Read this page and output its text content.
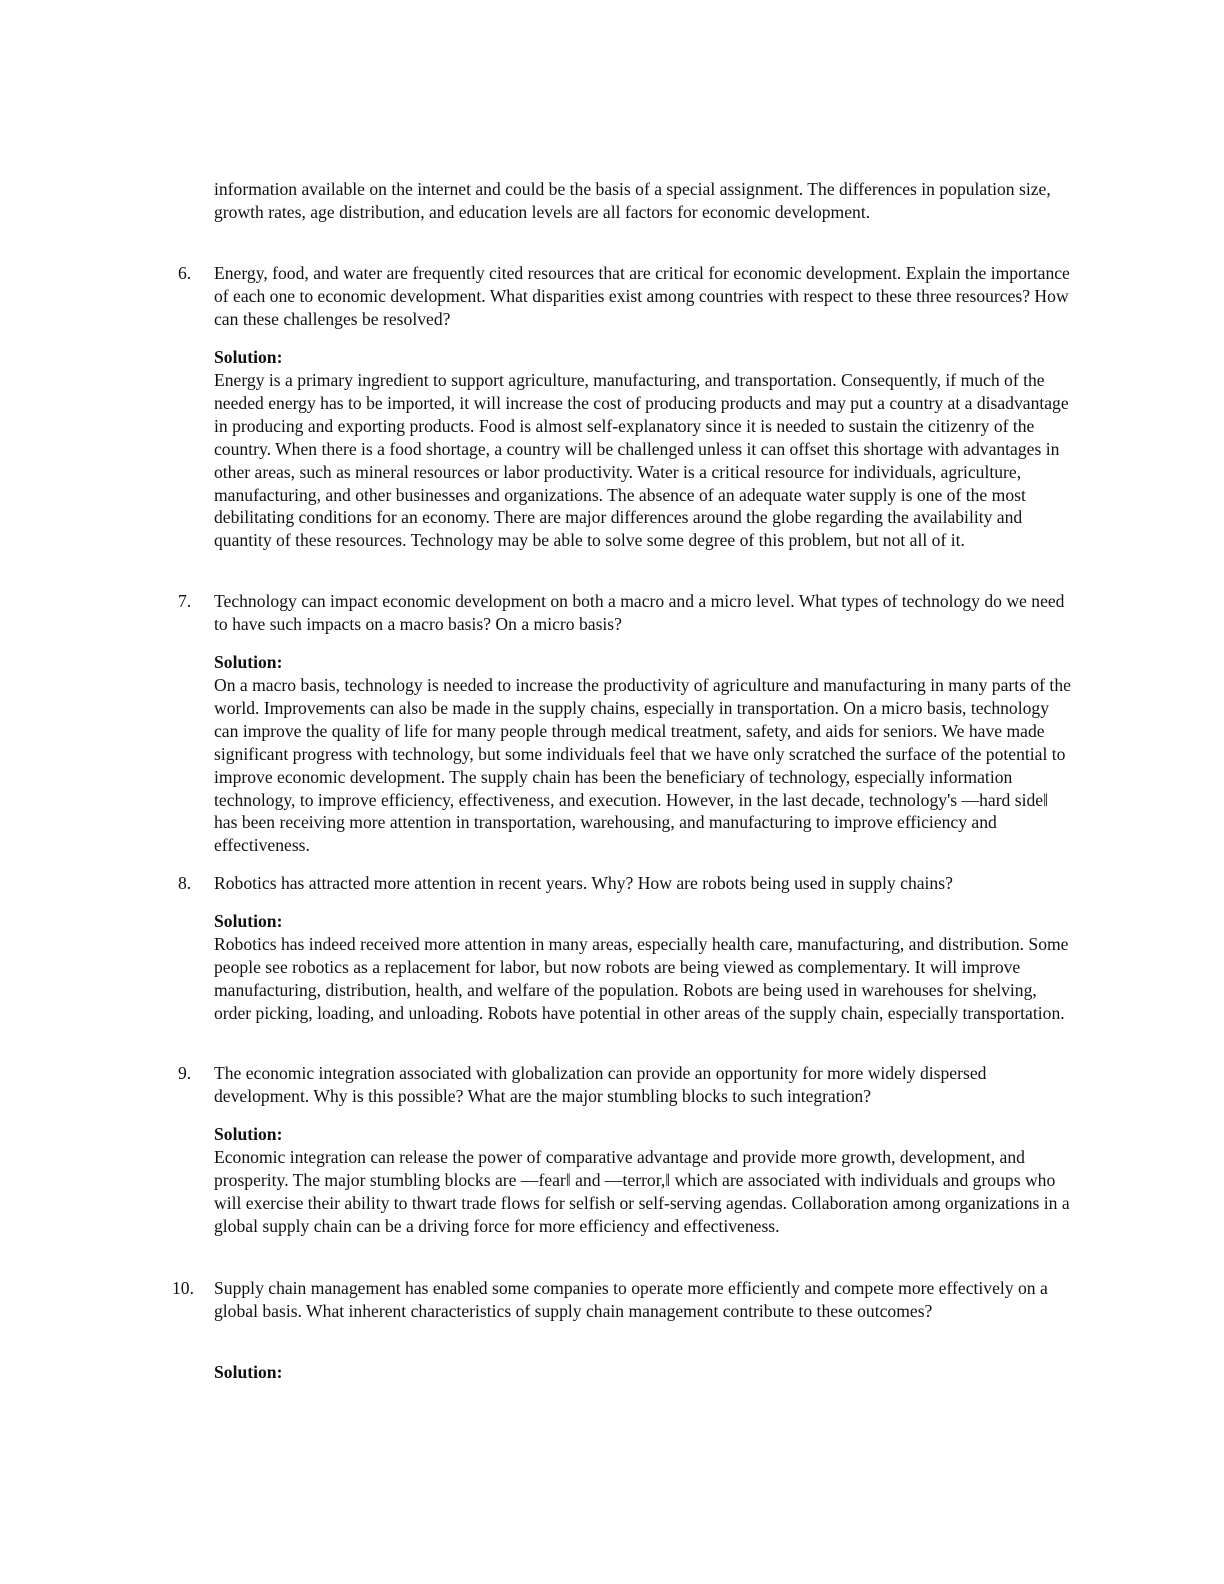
information available on the internet and could be the basis of a special assignment. The differences in population size, growth rates, age distribution, and education levels are all factors for economic development.

6. Energy, food, and water are frequently cited resources that are critical for economic development. Explain the importance of each one to economic development. What disparities exist among countries with respect to these three resources? How can these challenges be resolved?

Solution:

Energy is a primary ingredient to support agriculture, manufacturing, and transportation. Consequently, if much of the needed energy has to be imported, it will increase the cost of producing products and may put a country at a disadvantage in producing and exporting products. Food is almost self-explanatory since it is needed to sustain the citizenry of the country. When there is a food shortage, a country will be challenged unless it can offset this shortage with advantages in other areas, such as mineral resources or labor productivity. Water is a critical resource for individuals, agriculture, manufacturing, and other businesses and organizations. The absence of an adequate water supply is one of the most debilitating conditions for an economy. There are major differences around the globe regarding the availability and quantity of these resources. Technology may be able to solve some degree of this problem, but not all of it.

7. Technology can impact economic development on both a macro and a micro level. What types of technology do we need to have such impacts on a macro basis? On a micro basis?

Solution:

On a macro basis, technology is needed to increase the productivity of agriculture and manufacturing in many parts of the world. Improvements can also be made in the supply chains, especially in transportation. On a micro basis, technology can improve the quality of life for many people through medical treatment, safety, and aids for seniors. We have made significant progress with technology, but some individuals feel that we have only scratched the surface of the potential to improve economic development. The supply chain has been the beneficiary of technology, especially information technology, to improve efficiency, effectiveness, and execution. However, in the last decade, technology's —hard side‖ has been receiving more attention in transportation, warehousing, and manufacturing to improve efficiency and effectiveness.

8. Robotics has attracted more attention in recent years. Why? How are robots being used in supply chains?

Solution:

Robotics has indeed received more attention in many areas, especially health care, manufacturing, and distribution. Some people see robotics as a replacement for labor, but now robots are being viewed as complementary. It will improve manufacturing, distribution, health, and welfare of the population. Robots are being used in warehouses for shelving, order picking, loading, and unloading. Robots have potential in other areas of the supply chain, especially transportation.

9. The economic integration associated with globalization can provide an opportunity for more widely dispersed development. Why is this possible? What are the major stumbling blocks to such integration?

Solution:

Economic integration can release the power of comparative advantage and provide more growth, development, and prosperity. The major stumbling blocks are —fear‖ and —terror,‖ which are associated with individuals and groups who will exercise their ability to thwart trade flows for selfish or self-serving agendas. Collaboration among organizations in a global supply chain can be a driving force for more efficiency and effectiveness.

10. Supply chain management has enabled some companies to operate more efficiently and compete more effectively on a global basis. What inherent characteristics of supply chain management contribute to these outcomes?

Solution:
